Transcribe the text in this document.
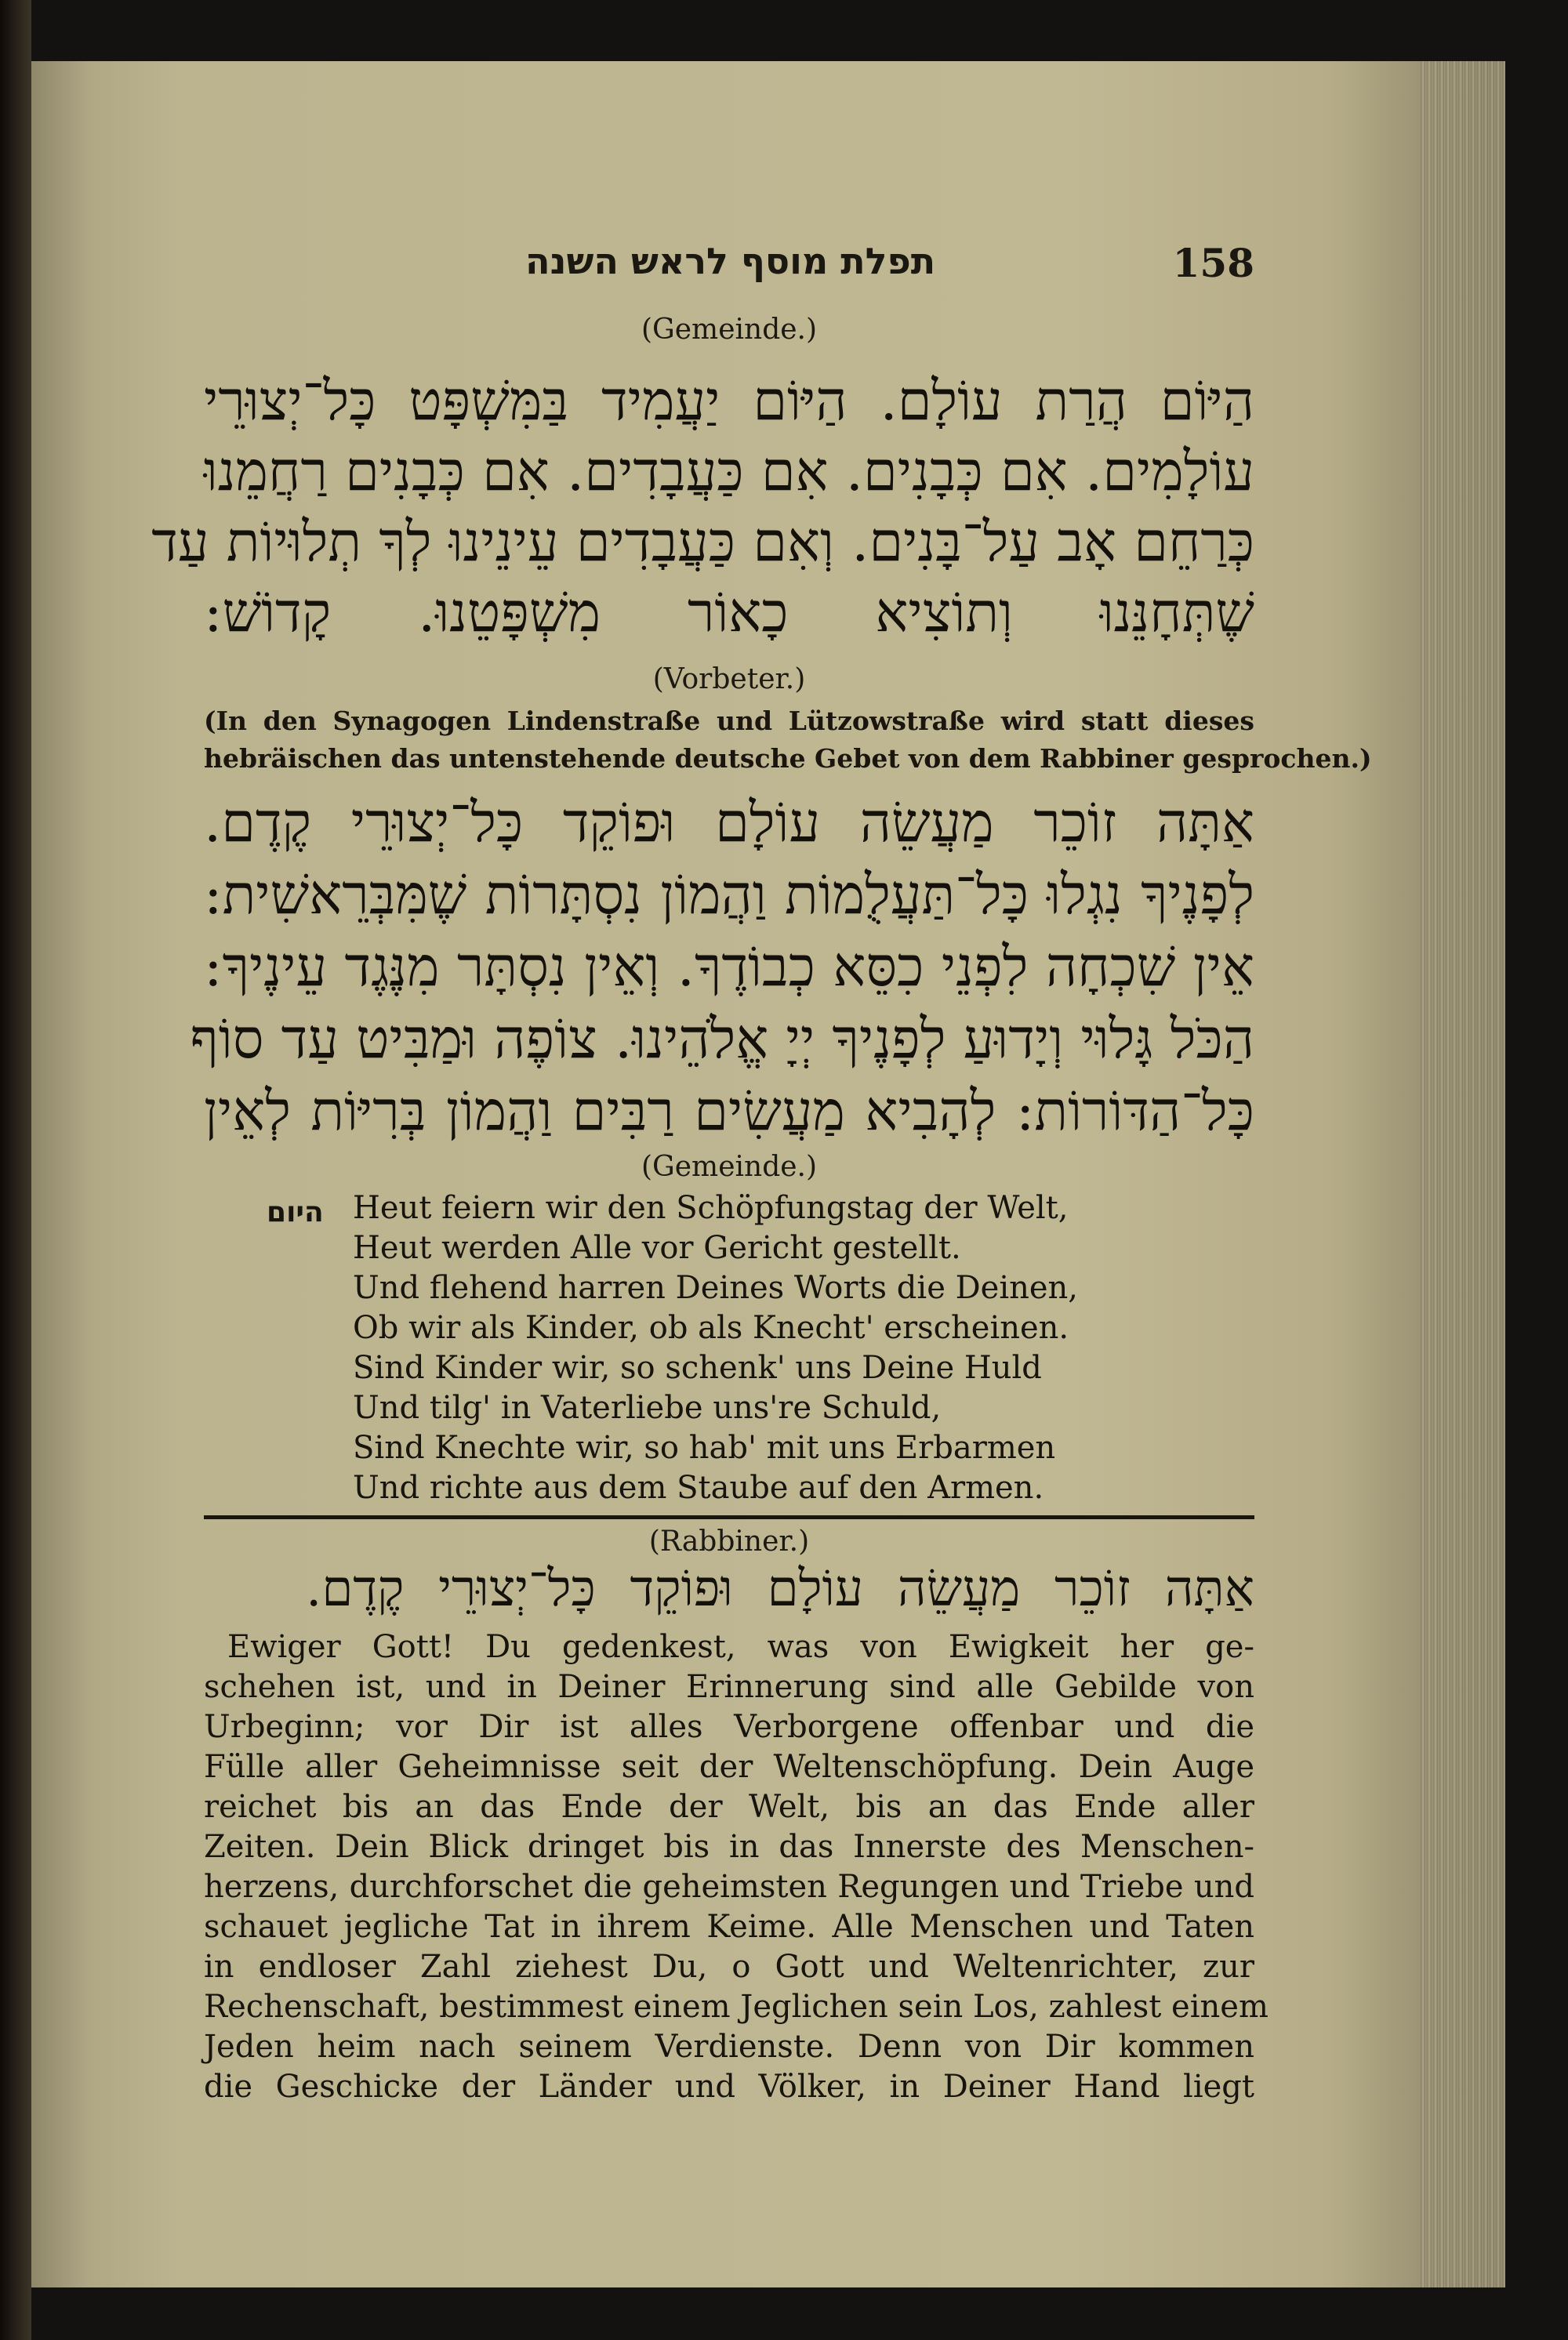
תפלת מוסף לראש השנה	158
(Gemeinde.)
הַיּוֹם הֲרַת עוֹלָם. הַיּוֹם יַעֲמִיד בַּמִּשְׁפָּט כָּל־יְצוּרֵי
עוֹלָמִים. אִם כְּבָנִים. אִם כַּעֲבָדִים. אִם כְּבָנִים רַחֲמֵנוּ
כְּרַחֵם אָב עַל־בָּנִים. וְאִם כַּעֲבָדִים עֵינֵינוּ לְךָ תְלוּיוֹת עַד
שֶׁתְּחָנֵּנוּ וְתוֹצִיא כָאוֹר מִשְׁפָּטֵנוּ. קָדוֹשׁ:
(Vorbeter.)
(In den Synagogen Lindenstraße und Lützowstraße wird statt dieses
hebräischen das untenstehende deutsche Gebet von dem Rabbiner gesprochen.)
אַתָּה זוֹכֵר מַעֲשֵׂה עוֹלָם וּפוֹקֵד כָּל־יְצוּרֵי קֶדֶם.
לְפָנֶיךָ נִגְלוּ כָּל־תַּעֲלֻמוֹת וַהֲמוֹן נִסְתָּרוֹת שֶׁמִּבְּרֵאשִׁית:
אֵין שִׁכְחָה לִפְנֵי כִסֵּא כְבוֹדֶךָ. וְאֵין נִסְתָּר מִנֶּגֶד עֵינֶיךָ:
הַכֹּל גָּלוּי וְיָדוּעַ לְפָנֶיךָ יְיָ אֱלֹהֵינוּ. צוֹפֶה וּמַבִּיט עַד סוֹף
כָּל־הַדּוֹרוֹת: לְהָבִיא מַעֲשִׂים רַבִּים וַהֲמוֹן בְּרִיּוֹת לְאֵין
(Gemeinde.)
היום Heut feiern wir den Schöpfungstag der Welt,
Heut werden Alle vor Gericht gestellt.
Und flehend harren Deines Worts die Deinen,
Ob wir als Kinder, ob als Knecht' erscheinen.
Sind Kinder wir, so schenk' uns Deine Huld
Und tilg' in Vaterliebe uns're Schuld,
Sind Knechte wir, so hab' mit uns Erbarmen
Und richte aus dem Staube auf den Armen.
(Rabbiner.)
אַתָּה זוֹכֵר מַעֲשֵׂה עוֹלָם וּפוֹקֵד כָּל־יְצוּרֵי קֶדֶם.
Ewiger Gott! Du gedenkest, was von Ewigkeit her ge-
schehen ist, und in Deiner Erinnerung sind alle Gebilde von
Urbeginn; vor Dir ist alles Verborgene offenbar und die
Fülle aller Geheimnisse seit der Weltenschöpfung. Dein Auge
reichet bis an das Ende der Welt, bis an das Ende aller
Zeiten. Dein Blick dringet bis in das Innerste des Menschen-
herzens, durchforschet die geheimsten Regungen und Triebe und
schauet jegliche Tat in ihrem Keime. Alle Menschen und Taten
in endloser Zahl ziehest Du, o Gott und Weltenrichter, zur
Rechenschaft, bestimmest einem Jeglichen sein Los, zahlest einem
Jeden heim nach seinem Verdienste. Denn von Dir kommen
die Geschicke der Länder und Völker, in Deiner Hand liegt
